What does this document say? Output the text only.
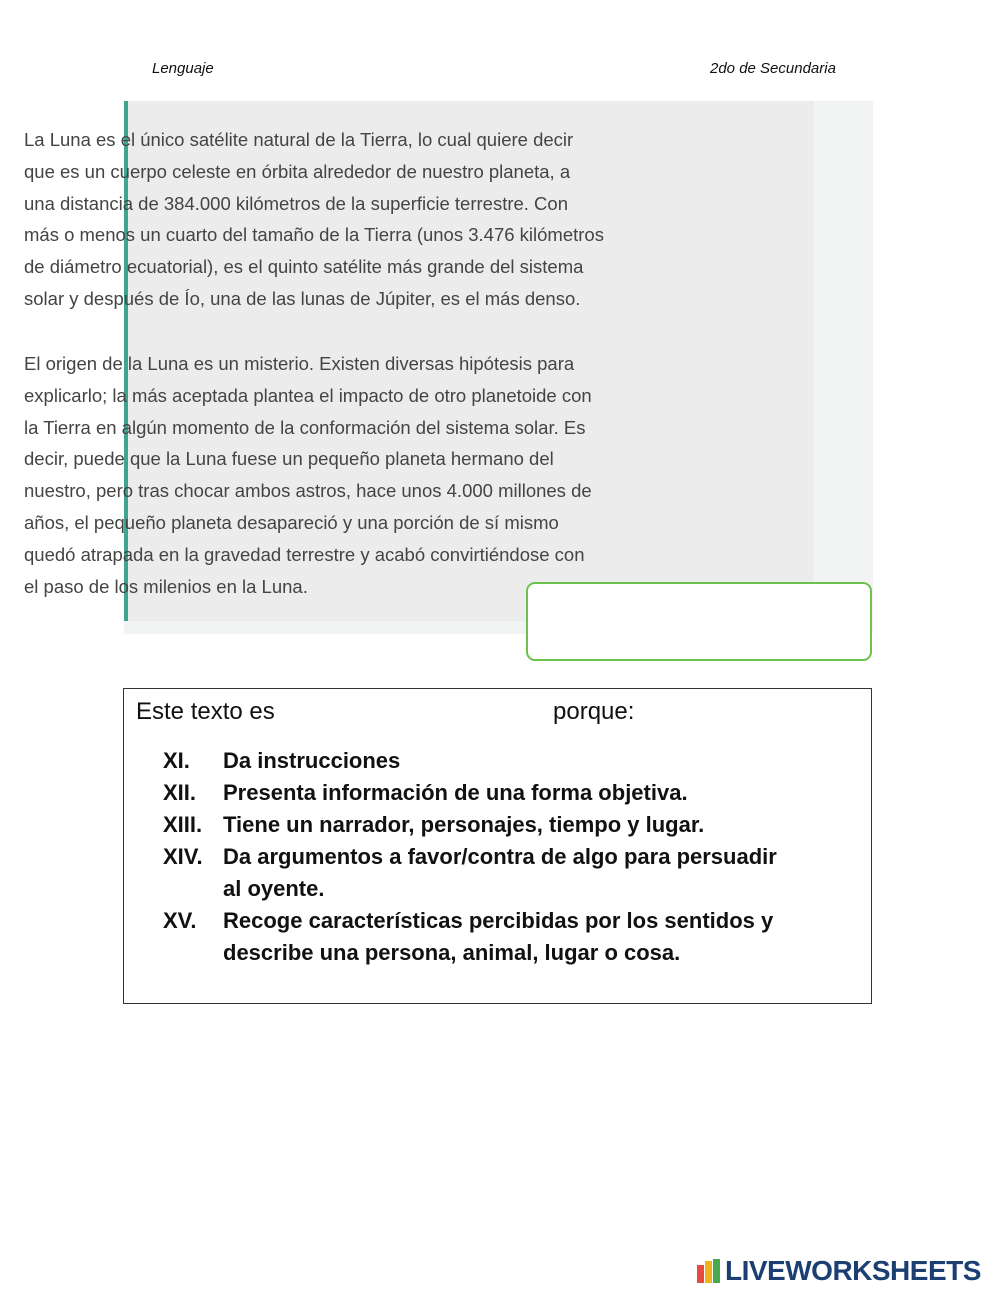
Lenguaje	2do de Secundaria

La Luna es el único satélite natural de la Tierra, lo cual quiere decir
que es un cuerpo celeste en órbita alrededor de nuestro planeta, a
una distancia de 384.000 kilómetros de la superficie terrestre. Con
más o menos un cuarto del tamaño de la Tierra (unos 3.476 kilómetros
de diámetro ecuatorial), es el quinto satélite más grande del sistema
solar y después de Ío, una de las lunas de Júpiter, es el más denso.

El origen de la Luna es un misterio. Existen diversas hipótesis para
explicarlo; la más aceptada plantea el impacto de otro planetoide con
la Tierra en algún momento de la conformación del sistema solar. Es
decir, puede que la Luna fuese un pequeño planeta hermano del
nuestro, pero tras chocar ambos astros, hace unos 4.000 millones de
años, el pequeño planeta desapareció y una porción de sí mismo
quedó atrapada en la gravedad terrestre y acabó convirtiéndose con
el paso de los milenios en la Luna.

Este texto es	porque:
XI. Da instrucciones
XII. Presenta información de una forma objetiva.
XIII. Tiene un narrador, personajes, tiempo y lugar.
XIV. Da argumentos a favor/contra de algo para persuadir
al oyente.
XV. Recoge características percibidas por los sentidos y
describe una persona, animal, lugar o cosa.
LIVEWORKSHEETS
